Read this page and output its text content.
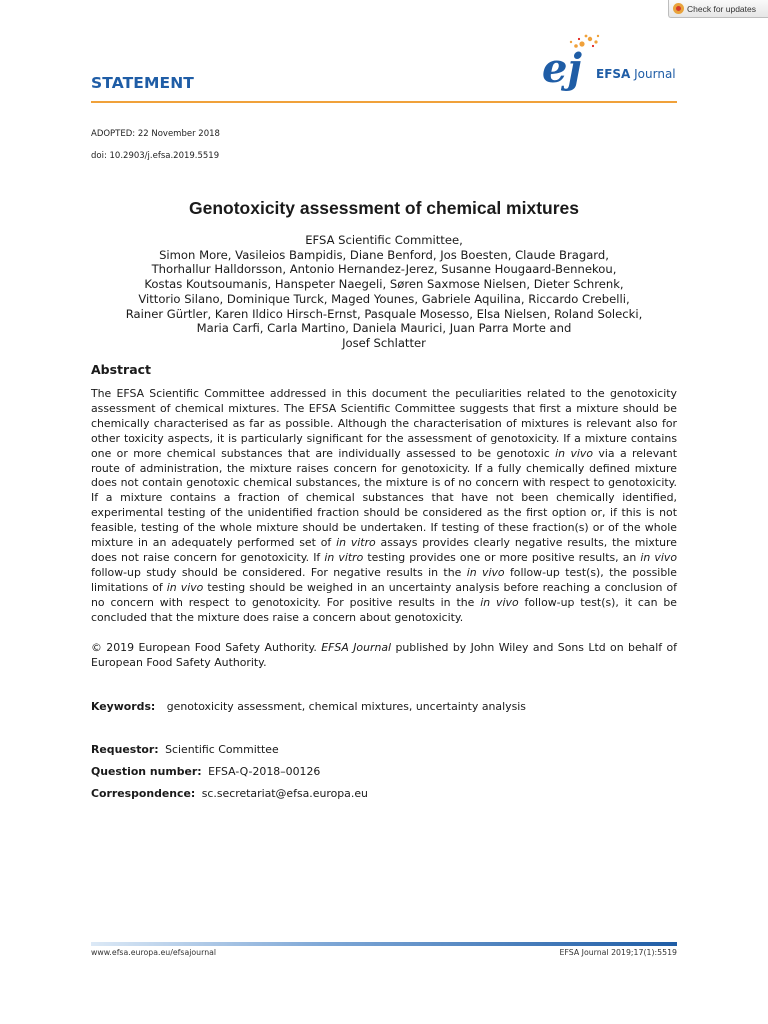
Check for updates
STATEMENT	ej EFSA Journal
ADOPTED: 22 November 2018
doi: 10.2903/j.efsa.2019.5519
Genotoxicity assessment of chemical mixtures
EFSA Scientific Committee,
Simon More, Vasileios Bampidis, Diane Benford, Jos Boesten, Claude Bragard,
Thorhallur Halldorsson, Antonio Hernandez-Jerez, Susanne Hougaard-Bennekou,
Kostas Koutsoumanis, Hanspeter Naegeli, Søren Saxmose Nielsen, Dieter Schrenk,
Vittorio Silano, Dominique Turck, Maged Younes, Gabriele Aquilina, Riccardo Crebelli,
Rainer Gürtler, Karen Ildico Hirsch-Ernst, Pasquale Mosesso, Elsa Nielsen, Roland Solecki,
Maria Carfi, Carla Martino, Daniela Maurici, Juan Parra Morte and
Josef Schlatter
Abstract

The EFSA Scientific Committee addressed in this document the peculiarities related to the genotoxicity assessment of chemical mixtures. The EFSA Scientific Committee suggests that first a mixture should be chemically characterised as far as possible. Although the characterisation of mixtures is relevant also for other toxicity aspects, it is particularly significant for the assessment of genotoxicity. If a mixture contains one or more chemical substances that are individually assessed to be genotoxic in vivo via a relevant route of administration, the mixture raises concern for genotoxicity. If a fully chemically defined mixture does not contain genotoxic chemical substances, the mixture is of no concern with respect to genotoxicity. If a mixture contains a fraction of chemical substances that have not been chemically identified, experimental testing of the unidentified fraction should be considered as the first option or, if this is not feasible, testing of the whole mixture should be undertaken. If testing of these fraction(s) or of the whole mixture in an adequately performed set of in vitro assays provides clearly negative results, the mixture does not raise concern for genotoxicity. If in vitro testing provides one or more positive results, an in vivo follow-up study should be considered. For negative results in the in vivo follow-up test(s), the possible limitations of in vivo testing should be weighed in an uncertainty analysis before reaching a conclusion of no concern with respect to genotoxicity. For positive results in the in vivo follow-up test(s), it can be concluded that the mixture does raise a concern about genotoxicity.

© 2019 European Food Safety Authority. EFSA Journal published by John Wiley and Sons Ltd on behalf of European Food Safety Authority.

Keywords: genotoxicity assessment, chemical mixtures, uncertainty analysis
Requestor: Scientific Committee
Question number: EFSA-Q-2018–00126
Correspondence: sc.secretariat@efsa.europa.eu
www.efsa.europa.eu/efsajournal	EFSA Journal 2019;17(1):5519
